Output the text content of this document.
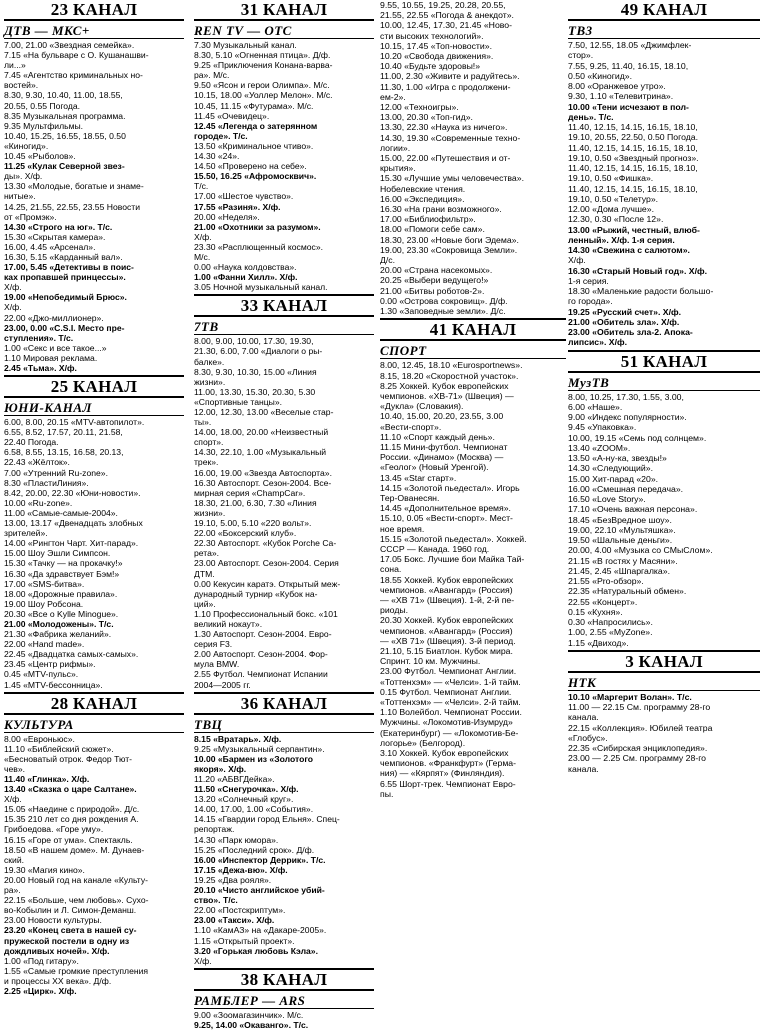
23 КАНАЛ
ДТВ — МКС+
7.00, 21.00 «Звездная семейка».
7.15 «На бульваре с О. Кушанашви-
ли...»
7.45 «Агентство криминальных но-
востей».
8.30, 9.30, 10.40, 11.00, 18.55,
20.55, 0.55 Погода.
8.35 Музыкальная программа.
9.35 Мультфильмы.
10.40, 15.25, 16.55, 18.55, 0.50
«Киногид».
10.45 «Рыболов».
11.25 «Кулак Северной звез-
ды». Х/ф.
13.30 «Молодые, богатые и знаме-
нитые».
14.25, 21.55, 22.55, 23.55 Новости
от «Промэк».
14.30 «Строго на юг». Т/с.
15.30 «Скрытая камера».
16.00, 4.45 «Арсенал».
16.30, 5.15 «Карданный вал».
17.00, 5.45 «Детективы в поис-
ках пропавшей принцессы».
Х/ф.
19.00 «Непобедимый Брюс».
Х/ф.
22.00 «Джо-миллионер».
23.00, 0.00 «C.S.I. Место пре-
ступления». Т/с.
1.00 «Секс и все такое...»
1.10 Мировая реклама.
2.45 «Тьма». Х/ф.
25 КАНАЛ
ЮНИ-КАНАЛ
6.00, 8.00, 20.15 «MTV-автопилот».
6.55, 8.52, 17.57, 20.11, 21.58,
22.40 Погода.
6.58, 8.55, 13.15, 16.58, 20.13,
22.43 «Жёлток».
7.00 «Утренний Ru-zone».
8.30 «ПластиЛиния».
8.42, 20.00, 22.30 «Юни-новости».
10.00 «Ru-zone».
11.00 «Самые-самые-2004».
13.00, 13.17 «Двенадцать злобных
зрителей».
14.00 «Рингтон Чарт. Хит-парад».
15.00 Шоу Эшли Симпсон.
15.30 «Тачку — на прокачку!»
16.30 «Да здравствует Бэм!»
17.00 «SMS-битва».
18.00 «Дорожные правила».
19.00 Шоу Робсона.
20.30 «Все о Kylle Minogue».
21.00 «Молодожены». Т/с.
21.30 «Фабрика желаний».
22.00 «Hand made».
22.45 «Двадцатка самых-самых».
23.45 «Центр рифмы».
0.45 «MTV-пульс».
1.45 «MTV-бессонница».
28 КАНАЛ
КУЛЬТУРА
8.00 «Евроньюс».
11.10 «Библейский сюжет».
«Бесноватый отрок. Федор Тют-
чев».
11.40 «Глинка». Х/ф.
13.40 «Сказка о царе Салтане».
Х/ф.
15.05 «Наедине с природой». Д/с.
15.35 210 лет со дня рождения А.
Грибоедова. «Горе уму».
16.15 «Горе от ума». Спектакль.
18.50 «В нашем доме». М. Дунаев-
ский.
19.30 «Магия кино».
20.00 Новый год на канале «Культу-
ра».
22.15 «Больше, чем любовь». Сухо-
во-Кобылин и Л. Симон-Деманш.
23.00 Новости культуры.
23.20 «Конец света в нашей су-
пружеской постели в одну из
дождливых ночей». Х/ф.
1.00 «Под гитару».
1.55 «Самые громкие преступления
и процессы XX века». Д/ф.
2.25 «Цирк». Х/ф.
31 КАНАЛ
REN TV — ОТС
7.30 Музыкальный канал.
8.30, 5.10 «Огненная птица». Д/ф.
9.25 «Приключения Конана-варва-
ра». М/с.
9.50 «Ясон и герои Олимпа». М/с.
10.15, 18.00 «Уоллер Мелон». М/с.
10.45, 11.15 «Футурама». М/с.
11.45 «Очевидец».
12.45 «Легенда о затерянном
городе». Т/с.
13.50 «Криминальное чтиво».
14.30 «24».
14.50 «Проверено на себе».
15.50, 16.25 «Афромосквич».
Т/с.
17.00 «Шестое чувство».
17.55 «Разиня». Х/ф.
20.00 «Неделя».
21.00 «Охотники за разумом».
Х/ф.
23.30 «Расплющенный космос».
М/с.
0.00 «Наука колдовства».
1.00 «Фанни Хилл». Х/ф.
3.05 Ночной музыкальный канал.
33 КАНАЛ
7ТВ
8.00, 9.00, 10.00, 17.30, 19.30,
21.30, 6.00, 7.00 «Диалоги о ры-
балке».
8.30, 9.30, 10.30, 15.00 «Линия
жизни».
11.00, 13.30, 15.30, 20.30, 5.30
«Спортивные танцы».
12.00, 12.30, 13.00 «Веселые стар-
ты».
14.00, 18.00, 20.00 «Неизвестный
спорт».
14.30, 22.10, 1.00 «Музыкальный
трек».
16.00, 19.00 «Звезда Автоспорта».
16.30 Автоспорт. Сезон-2004. Все-
мирная серия «ChampCar».
18.30, 21.00, 6.30, 7.30 «Линия
жизни».
19.10, 5.00, 5.10 «220 вольт».
22.00 «Боксерский клуб».
22.30 Автоспорт. «Кубок Porche Ca-
рета».
23.00 Автоспорт. Сезон-2004. Серия
ДТМ.
0.00 Кекусин каратэ. Открытый меж-
дународный турнир «Кубок на-
ций».
1.10 Профессиональный бокс. «101
великий нокаут».
1.30 Автоспорт. Сезон-2004. Евро-
серия F3.
2.00 Автоспорт. Сезон-2004. Фор-
мула BMW.
2.55 Футбол. Чемпионат Испании
2004—2005 гг.
36 КАНАЛ
ТВЦ
8.15 «Вратарь». Х/ф.
9.25 «Музыкальный серпантин».
10.00 «Бармен из «Золотого
якоря». Х/ф.
11.20 «АБВГДейка».
11.50 «Снегурочка». Х/ф.
13.20 «Солнечный круг».
14.00, 17.00, 1.00 «События».
14.15 «Гвардии город Ельня». Спец-
репортаж.
14.30 «Парк юмора».
15.25 «Последний срок». Д/ф.
16.00 «Инспектор Деррик». Т/с.
17.15 «Дежа-вю». Х/ф.
19.25 «Два рояля».
20.10 «Чисто английское убий-
ство». Т/с.
22.00 «Постскриптум».
23.00 «Такси». Х/ф.
1.10 «КамАЗ» на «Дакаре-2005».
1.15 «Открытый проект».
3.20 «Горькая любовь Кэла».
Х/ф.
38 КАНАЛ
РАМБЛЕР — ARS
9.00 «Зоомагазинчик». М/с.
9.25, 14.00 «Окаванго». Т/с.
9.55, 10.55, 19.25, 20.28, 20.55,
21.55, 22.55 «Погода & анекдот».
10.00, 12.45, 17.30, 21.45 «Ново-
сти высоких технологий».
10.15, 17.45 «Топ-новости».
10.20 «Свобода движения».
10.40 «Будьте здоровы!»
11.00, 2.30 «Живите и радуйтесь».
11.30, 1.00 «Игра с продолжени-
ем-2».
12.00 «Техноигры».
13.00, 20.30 «Топ-гид».
13.30, 22.30 «Наука из ничего».
14.30, 19.30 «Современные техно-
логии».
15.00, 22.00 «Путешествия и от-
крытия».
15.30 «Лучшие умы человечества».
Нобелевские чтения.
16.00 «Экспедиция».
16.30 «На грани возможного».
17.00 «Библиофильтр».
18.00 «Помоги себе сам».
18.30, 23.00 «Новые боги Эдема».
19.00, 23.30 «Сокровища Земли».
Д/с.
20.00 «Страна насекомых».
20.25 «Выбери ведущего!»
21.00 «Битвы роботов-2».
0.00 «Острова сокровищ». Д/ф.
1.30 «Заповедные земли». Д/с.
41 КАНАЛ
СПОРТ
8.00, 12.45, 18.10 «Eurosportnews».
8.15, 18.20 «Скоростной участок».
8.25 Хоккей. Кубок европейских
чемпионов. «ХВ-71» (Швеция) —
«Дукла» (Словакия).
10.40, 15.00, 20.20, 23.55, 3.00
«Вести-спорт».
11.10 «Спорт каждый день».
11.15 Мини-футбол. Чемпионат
России. «Динамо» (Москва) —
«Геолог» (Новый Уренгой).
13.45 «Star старт».
14.15 «Золотой пьедестал». Игорь
Тер-Ованесян.
14.45 «Дополнительное время».
15.10, 0.05 «Вести-спорт». Мест-
ное время.
15.15 «Золотой пьедестал». Хоккей.
СССР — Канада. 1960 год.
17.05 Бокс. Лучшие бои Майка Тай-
сона.
18.55 Хоккей. Кубок европейских
чемпионов. «Авангард» (Россия)
— «ХВ 71» (Швеция). 1-й, 2-й пе-
риоды.
20.30 Хоккей. Кубок европейских
чемпионов. «Авангард» (Россия)
— «ХВ 71» (Швеция). 3-й период.
21.10, 5.15 Биатлон. Кубок мира.
Спринт. 10 км. Мужчины.
23.00 Футбол. Чемпионат Англии.
«Тоттенхэм» — «Челси». 1-й тайм.
0.15 Футбол. Чемпионат Англии.
«Тоттенхэм» — «Челси». 2-й тайм.
1.10 Волейбол. Чемпионат России.
Мужчины. «Локомотив-Изумруд»
(Екатеринбург) — «Локомотив-Бе-
логорье» (Белгород).
3.10 Хоккей. Кубок европейских
чемпионов. «Франкфурт» (Герма-
ния) — «Кярпят» (Финляндия).
6.55 Шорт-трек. Чемпионат Евро-
пы.
49 КАНАЛ
ТВ3
7.50, 12.55, 18.05 «Джимфлек-
стор».
7.55, 9.25, 11.40, 16.15, 18.10,
0.50 «Киногид».
8.00 «Оранжевое утро».
9.30, 1.10 «Телевитрина».
10.00 «Тени исчезают в пол-
день». Т/с.
11.40, 12.15, 14.15, 16.15, 18.10,
19.10, 20.55, 22.50, 0.50 Погода.
11.40, 12.15, 14.15, 16.15, 18.10,
19.10, 0.50 «Звездный прогноз».
11.40, 12.15, 14.15, 16.15, 18.10,
19.10, 0.50 «Фишка».
11.40, 12.15, 14.15, 16.15, 18.10,
19.10, 0.50 «Телетур».
12.00 «Дома лучше».
12.30, 0.30 «После 12».
13.00 «Рыжий, честный, влюб-
ленный». Х/ф. 1-я серия.
14.30 «Свежина с салютом».
Х/ф.
16.30 «Старый Новый год». Х/ф.
1-я серия.
18.30 «Маленькие радости большо-
го города».
19.25 «Русский счет». Х/ф.
21.00 «Обитель зла». Х/ф.
23.00 «Обитель зла-2. Апока-
липсис». Х/ф.
51 КАНАЛ
МузТВ
8.00, 10.25, 17.30, 1.55, 3.00,
6.00 «Наше».
9.00 «Индекс популярности».
9.45 «Упаковка».
10.00, 19.15 «Семь под солнцем».
13.40 «ZOOM».
13.50 «А-ну-ка, звезды!»
14.30 «Следующий».
15.00 Хит-парад «20».
16.00 «Смешная передача».
16.50 «Love Story».
17.10 «Очень важная персона».
18.45 «БезВредное шоу».
19.00, 22.10 «Мультяшка».
19.50 «Шальные деньги».
20.00, 4.00 «Музыка со СМыСлом».
21.15 «В гостях у Масяни».
21.45, 2.45 «Шпаргалка».
21.55 «Pro-обзор».
22.35 «Натуральный обмен».
22.55 «Концерт».
0.15 «Кухня».
0.30 «Напросились».
1.00, 2.55 «MyZone».
1.15 «Двиход».
3 КАНАЛ
НТК
10.10 «Маргерит Волан». Т/с.
11.00 — 22.15 См. программу 28-го
канала.
22.15 «Коллекция». Юбилей театра
«Глобус».
22.35 «Сибирская энциклопедия».
23.00 — 2.25 См. программу 28-го
канала.
